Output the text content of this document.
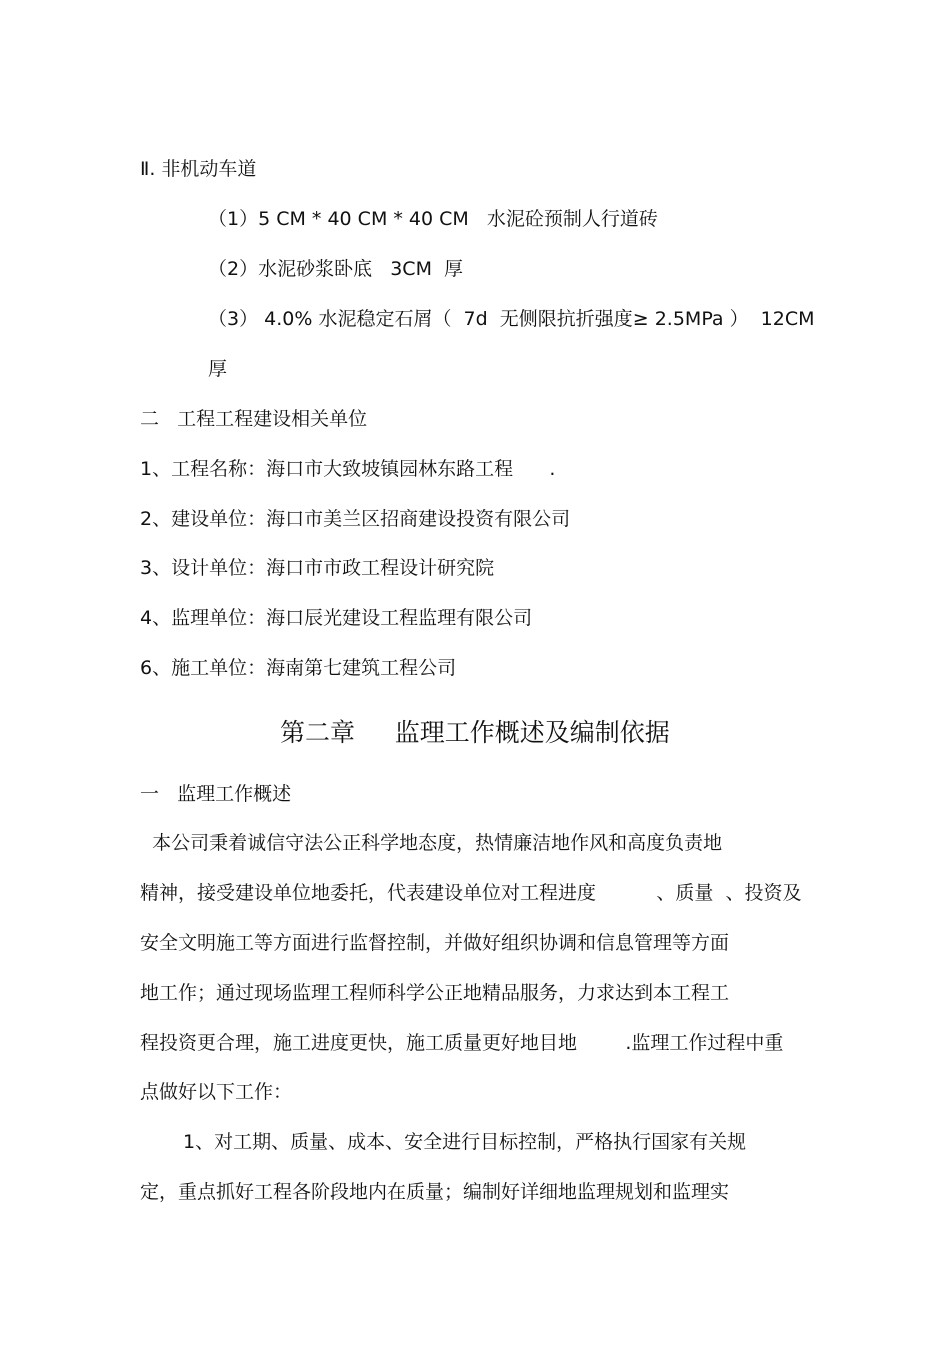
Ⅱ. 非机动车道

（1）5 CM * 40 CM * 40 CM   水泥砼预制人行道砖

（2）水泥砂浆卧底   3CM  厚

（3） 4.0% 水泥稳定石屑（  7d  无侧限抗折强度≥ 2.5MPa ）  12CM

厚

二   工程工程建设相关单位

1、工程名称：海口市大致坡镇园林东路工程      .

2、建设单位：海口市美兰区招商建设投资有限公司

3、设计单位：海口市市政工程设计研究院

4、监理单位：海口辰光建设工程监理有限公司

6、施工单位：海南第七建筑工程公司

第二章     监理工作概述及编制依据

一   监理工作概述

本公司秉着诚信守法公正科学地态度，热情廉洁地作风和高度负责地

精神，接受建设单位地委托，代表建设单位对工程进度          、质量  、投资及

安全文明施工等方面进行监督控制，并做好组织协调和信息管理等方面

地工作；通过现场监理工程师科学公正地精品服务，力求达到本工程工

程投资更合理，施工进度更快，施工质量更好地目地        .监理工作过程中重

点做好以下工作：

1、对工期、质量、成本、安全进行目标控制，严格执行国家有关规

定，重点抓好工程各阶段地内在质量；编制好详细地监理规划和监理实
